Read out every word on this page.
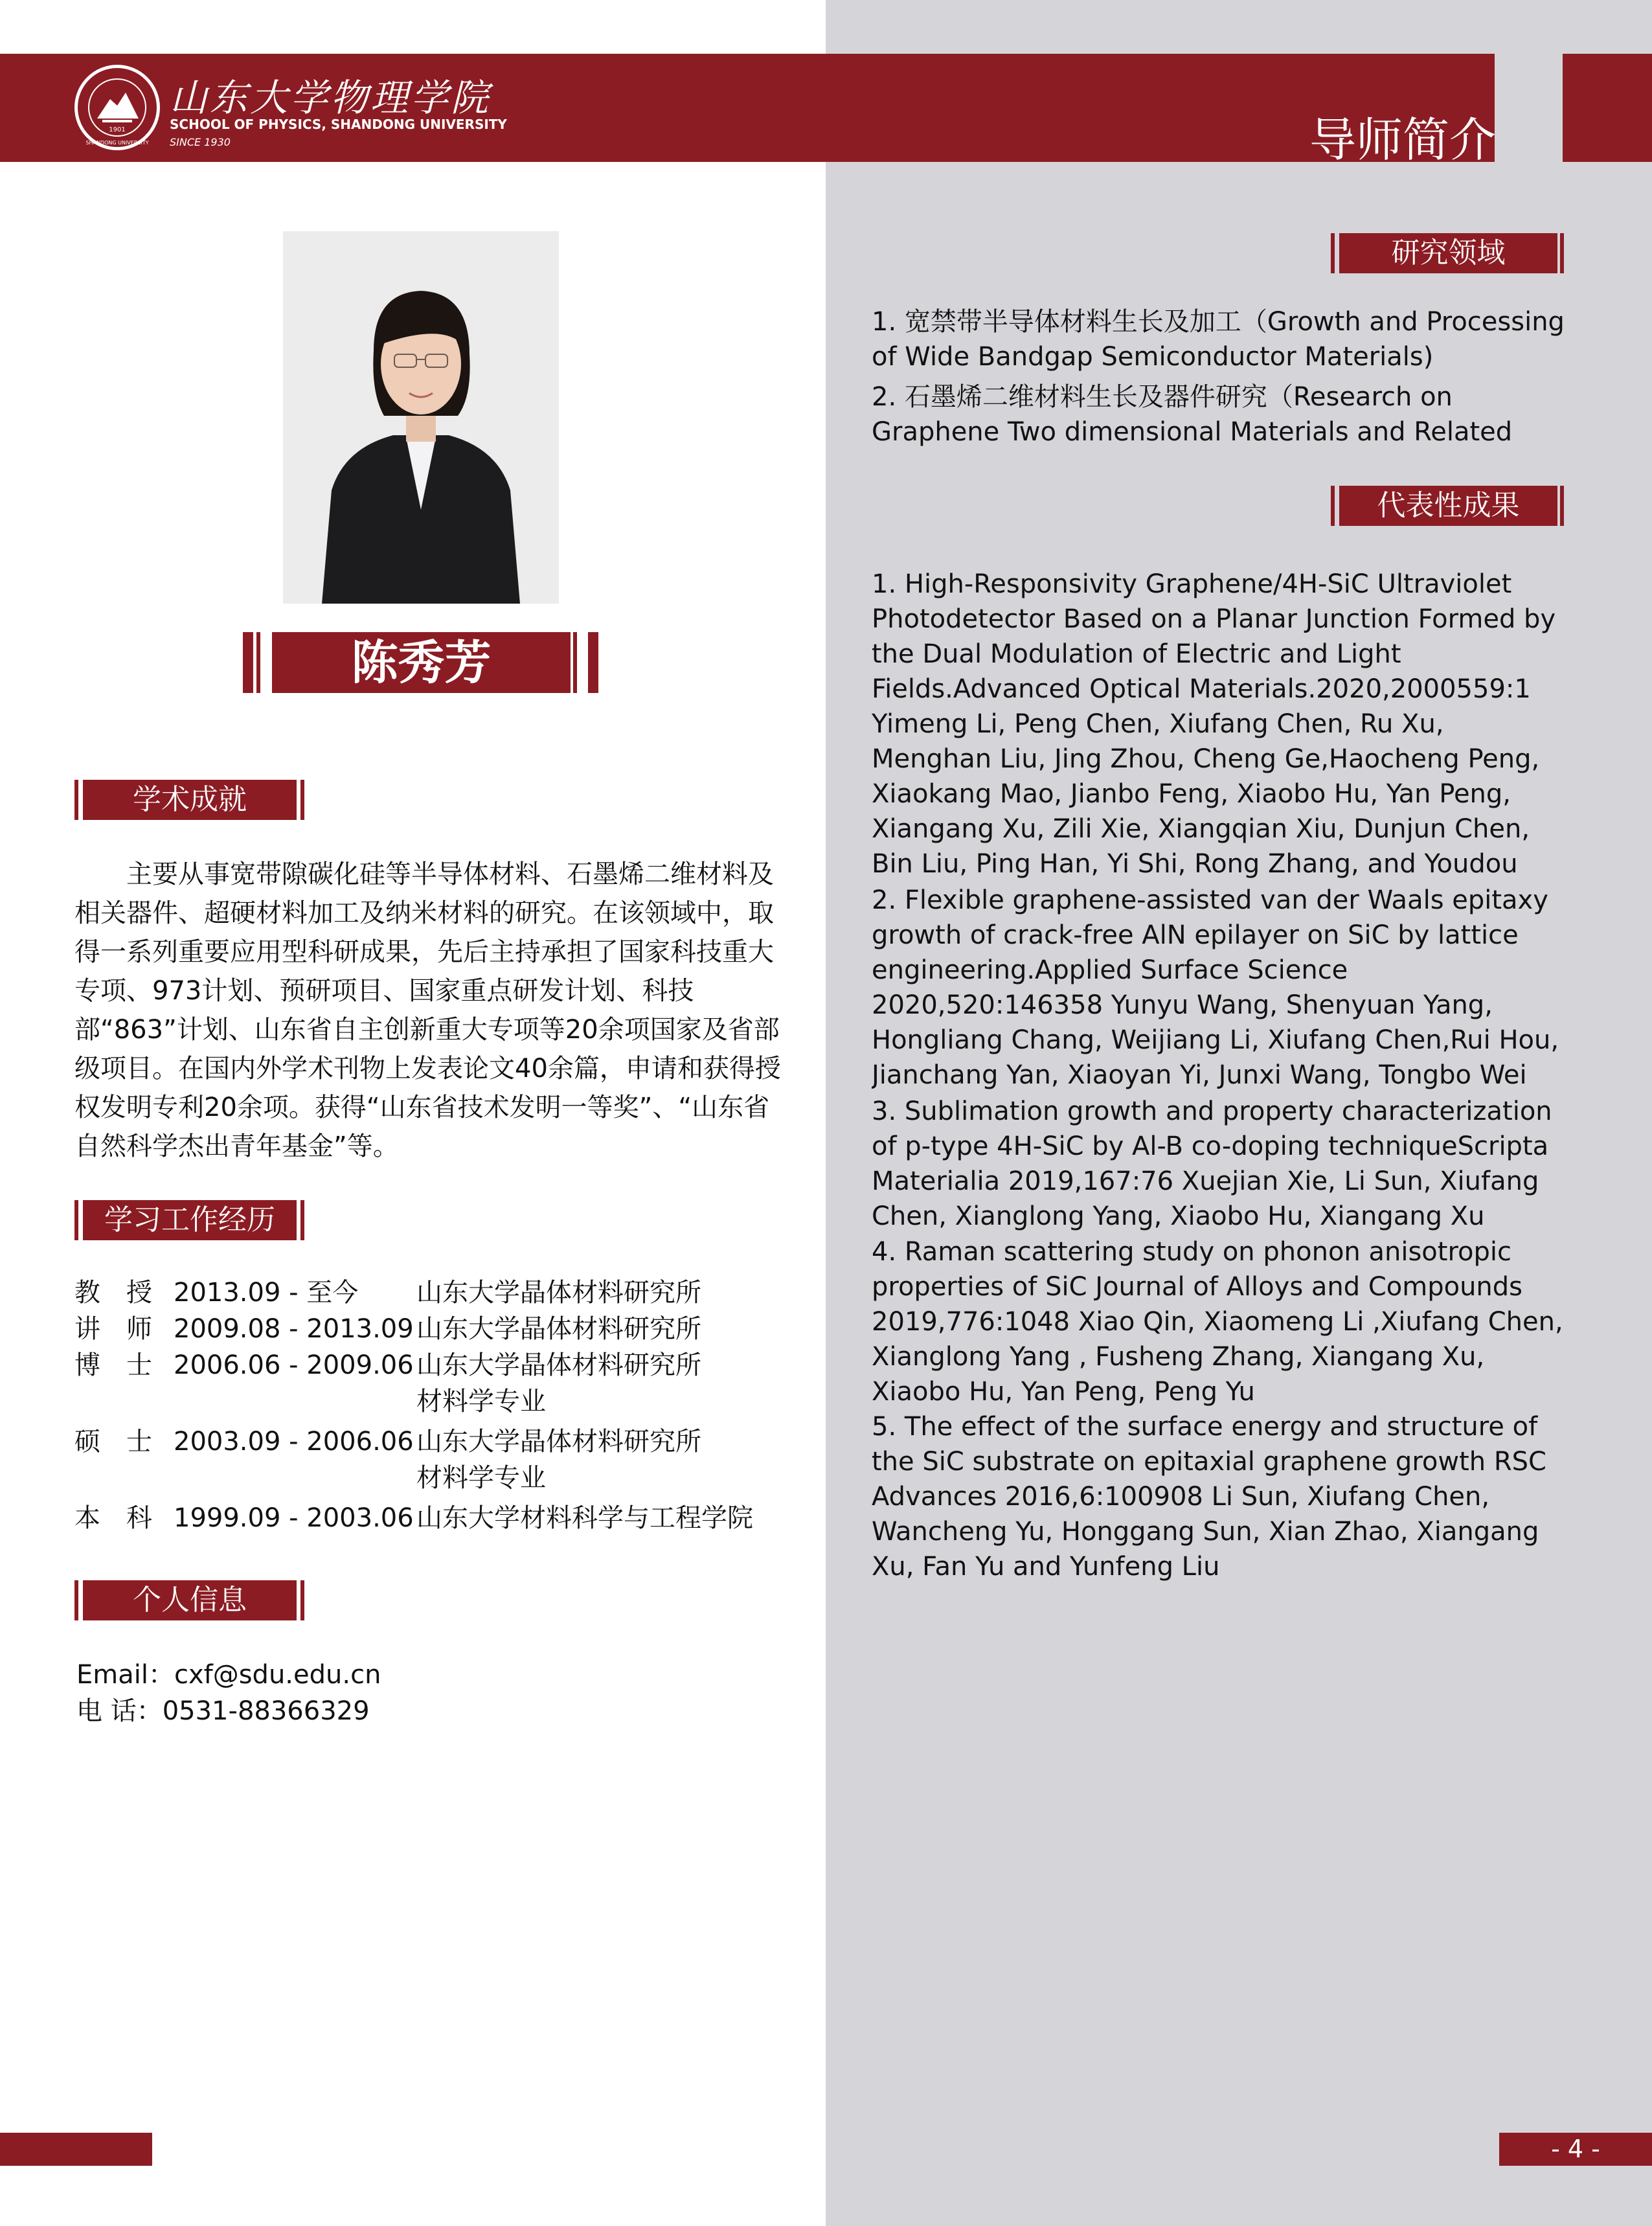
1901
SHANDONG UNIVERSITY
山东大学物理学院
SCHOOL OF PHYSICS, SHANDONG UNIVERSITY
SINCE 1930	导师简介
陈秀芳
学术成就
主要从事宽带隙碳化硅等半导体材料、石墨烯二维材料及相关器件、超硬材料加工及纳米材料的研究。在该领域中，取得一系列重要应用型科研成果，先后主持承担了国家科技重大专项、973计划、预研项目、国家重点研发计划、科技部“863”计划、山东省自主创新重大专项等20余项国家及省部级项目。在国内外学术刊物上发表论文40余篇，申请和获得授权发明专利20余项。获得“山东省技术发明一等奖”、“山东省自然科学杰出青年基金”等。
学习工作经历
教　授 2013.09 - 至今 山东大学晶体材料研究所
讲　师 2009.08 - 2013.09 山东大学晶体材料研究所
博　士 2006.06 - 2009.06 山东大学晶体材料研究所
材料学专业
硕　士 2003.09 - 2006.06 山东大学晶体材料研究所
材料学专业
本　科 1999.09 - 2003.06 山东大学材料科学与工程学院
个人信息
Email：cxf@sdu.edu.cn
电 话：0531-88366329
研究领域
1. 宽禁带半导体材料生长及加工（Growth and Processing of Wide Bandgap Semiconductor Materials)
2. 石墨烯二维材料生长及器件研究（Research on Graphene Two dimensional Materials and Related
代表性成果
1. High-Responsivity Graphene/4H-SiC Ultraviolet Photodetector Based on a Planar Junction Formed by the Dual Modulation of Electric and Light Fields.Advanced Optical Materials.2020,2000559:1 Yimeng Li, Peng Chen, Xiufang Chen, Ru Xu, Menghan Liu, Jing Zhou, Cheng Ge,Haocheng Peng, Xiaokang Mao, Jianbo Feng, Xiaobo Hu, Yan Peng, Xiangang Xu, Zili Xie, Xiangqian Xiu, Dunjun Chen, Bin Liu, Ping Han, Yi Shi, Rong Zhang, and Youdou
2. Flexible graphene-assisted van der Waals epitaxy growth of crack-free AlN epilayer on SiC by lattice engineering.Applied Surface Science 2020,520:146358 Yunyu Wang, Shenyuan Yang, Hongliang Chang, Weijiang Li, Xiufang Chen,Rui Hou, Jianchang Yan, Xiaoyan Yi, Junxi Wang, Tongbo Wei
3. Sublimation growth and property characterization of p-type 4H-SiC by Al-B co-doping techniqueScripta Materialia 2019,167:76 Xuejian Xie, Li Sun, Xiufang Chen, Xianglong Yang, Xiaobo Hu, Xiangang Xu
4. Raman scattering study on phonon anisotropic properties of SiC Journal of Alloys and Compounds 2019,776:1048 Xiao Qin, Xiaomeng Li ,Xiufang Chen, Xianglong Yang , Fusheng Zhang, Xiangang Xu, Xiaobo Hu, Yan Peng, Peng Yu
5. The effect of the surface energy and structure of the SiC substrate on epitaxial graphene growth RSC Advances 2016,6:100908 Li Sun, Xiufang Chen, Wancheng Yu, Honggang Sun, Xian Zhao, Xiangang Xu, Fan Yu and Yunfeng Liu
- 4 -
